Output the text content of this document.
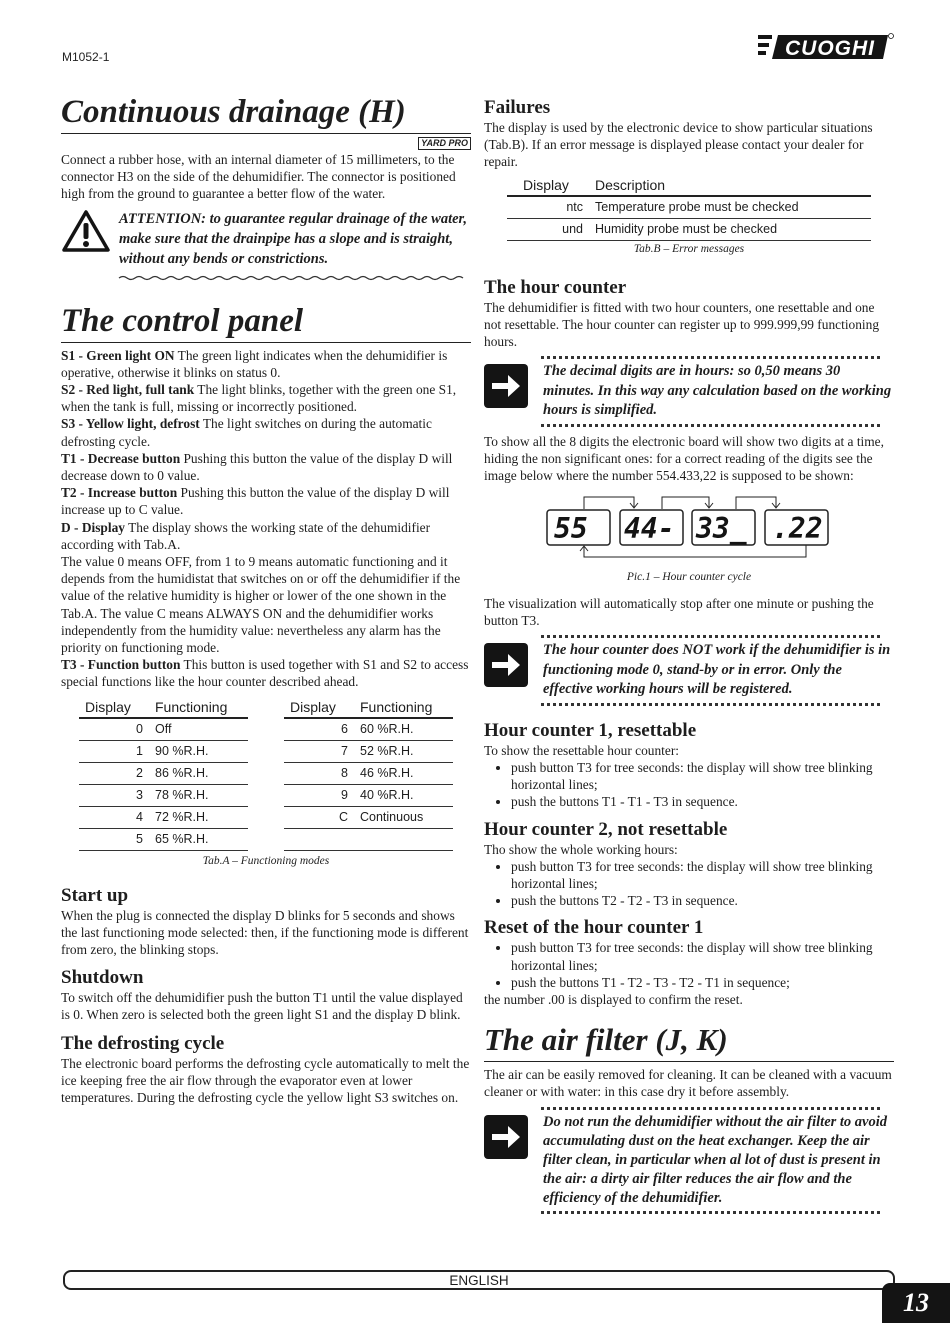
M1052-1	CUOGHI
Continuous drainage (H)
YARD PRO

Connect a rubber hose, with an internal diameter of 15 millimeters, to the connector H3 on the side of the dehumidifier. The connector is positioned high from the ground to guarantee a better flow of the water.

ATTENTION: to guarantee regular drainage of the water, make sure that the drainpipe has a slope and is straight, without any bends or constrictions.
The control panel

S1 - Green light ON The green light indicates when the dehumidifier is operative, otherwise it blinks on status 0.

S2 - Red light, full tank The light blinks, together with the green one S1, when the tank is full, missing or incorrectly positioned.

S3 - Yellow light, defrost The light switches on during the automatic defrosting cycle.

T1 - Decrease button Pushing this button the value of the display D will decrease down to 0 value.

T2 - Increase button Pushing this button the value of the display D will increase up to C value.

D - Display The display shows the working state of the dehumidifier according with Tab.A.

The value 0 means OFF, from 1 to 9 means automatic functioning and it depends from the humidistat that switches on or off the dehumidifier if the value of the relative humidity is higher or lower of the one shown in the Tab.A. The value C means ALWAYS ON and the dehumidifier works independently from the humidity value: nevertheless any alarm has the priority on functioning mode.

T3 - Function button This button is used together with S1 and S2 to access special functions like the hour counter described ahead.

Display	Functioning
0	Off
1	90 %R.H.
2	86 %R.H.
3	78 %R.H.
4	72 %R.H.
5	65 %R.H.
Display	Functioning
6	60 %R.H.
7	52 %R.H.
8	46 %R.H.
9	40 %R.H.
C	Continuous

Tab.A – Functioning modes
Start up

When the plug is connected the display D blinks for 5 seconds and shows the last functioning mode selected: then, if the functioning mode is different from zero, the blinking stops.

Shutdown

To switch off the dehumidifier push the button T1 until the value displayed is 0. When zero is selected both the green light S1 and the display D blink.

The defrosting cycle

The electronic board performs the defrosting cycle automatically to melt the ice keeping free the air flow through the evaporator even at lower temperatures. During the defrosting cycle the yellow light S3 switches on.

Failures

The display is used by the electronic device to show particular situations (Tab.B). If an error message is displayed please contact your dealer for repair.

Display	Description
ntc	Temperature probe must be checked
und	Humidity probe must be checked
Tab.B – Error messages
The hour counter

The dehumidifier is fitted with two hour counters, one resettable and one not resettable. The hour counter can register up to 999.999,99 functioning hours.

The decimal digits are in hours: so 0,50 means 30 minutes. In this way any calculation based on the working hours is simplified.

To show all the 8 digits the electronic board will show two digits at a time, hiding the non significant ones: for a correct reading of the digits see the image below where the number 554.433,22 is supposed to be shown:

55 44- 33_ .22
Pic.1 – Hour counter cycle

The visualization will automatically stop after one minute or pushing the button T3.

The hour counter does NOT work if the dehumidifier is in functioning mode 0, stand-by or in error. Only the effective working hours will be registered.
Hour counter 1, resettable

To show the resettable hour counter:

• push button T3 for tree seconds: the display will show tree blinking horizontal lines;
• push the buttons T1 - T1 - T3 in sequence.
Hour counter 2, not resettable

Tho show the whole working hours:

• push button T3 for tree seconds: the display will show tree blinking horizontal lines;
• push the buttons T2 - T2 - T3 in sequence.
Reset of the hour counter 1
• push button T3 for tree seconds: the display will show tree blinking horizontal lines;
• push the buttons T1 - T2 - T3 - T2 - T1 in sequence;

the number .00 is displayed to confirm the reset.

The air filter (J, K)

The air can be easily removed for cleaning. It can be cleaned with a vacuum cleaner or with water: in this case dry it before assembly.

Do not run the dehumidifier without the air filter to avoid accumulating dust on the heat exchanger. Keep the air filter clean, in particular when al lot of dust is present in the air: a dirty air filter reduces the air flow and the efficiency of the dehumidifier.
ENGLISH
13
